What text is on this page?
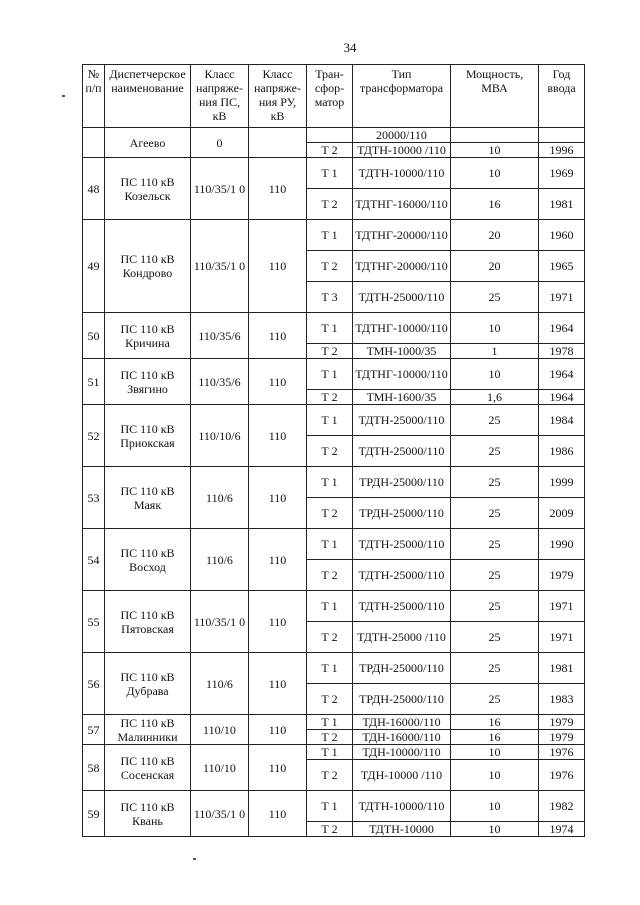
34
№ п/п	Диспетчерское наименование	Класс напряже-ния ПС, кВ	Класс напряже-ния РУ, кВ	Тран-сфор-матор	Тип трансформатора	Мощность, МВА	Год ввода
	Агеево	0			20000/110		
				Т 2	ТДТН-10000 /110	10	1996
48	ПС 110 кВ Козельск	110/35/1 0	110	Т 1	ТДТН-10000/110	10	1969
				Т 2	ТДТНГ-16000/110	16	1981
49	ПС 110 кВ Кондрово	110/35/1 0	110	Т 1	ТДТНГ-20000/110	20	1960
				Т 2	ТДТНГ-20000/110	20	1965
				Т 3	ТДТН-25000/110	25	1971
50	ПС 110 кВ Кричина	110/35/6	110	Т 1	ТДТНГ-10000/110	10	1964
				Т 2	ТМН-1000/35	1	1978
51	ПС 110 кВ Звягино	110/35/6	110	Т 1	ТДТНГ-10000/110	10	1964
				Т 2	ТМН-1600/35	1,6	1964
52	ПС 110 кВ Приокская	110/10/6	110	Т 1	ТДТН-25000/110	25	1984
				Т 2	ТДТН-25000/110	25	1986
53	ПС 110 кВ Маяк	110/6	110	Т 1	ТРДН-25000/110	25	1999
				Т 2	ТРДН-25000/110	25	2009
54	ПС 110 кВ Восход	110/6	110	Т 1	ТДТН-25000/110	25	1990
				Т 2	ТДТН-25000/110	25	1979
55	ПС 110 кВ Пятовская	110/35/1 0	110	Т 1	ТДТН-25000/110	25	1971
				Т 2	ТДТН-25000 /110	25	1971
56	ПС 110 кВ Дубрава	110/6	110	Т 1	ТРДН-25000/110	25	1981
				Т 2	ТРДН-25000/110	25	1983
57	ПС 110 кВ Малинники	110/10	110	Т 1	ТДН-16000/110	16	1979
				Т 2	ТДН-16000/110	16	1979
58	ПС 110 кВ Сосенская	110/10	110	Т 1	ТДН-10000/110	10	1976
				Т 2	ТДН-10000 /110	10	1976
59	ПС 110 кВ Квань	110/35/1 0	110	Т 1	ТДТН-10000/110	10	1982
				Т 2	ТДТН-10000	10	1974
